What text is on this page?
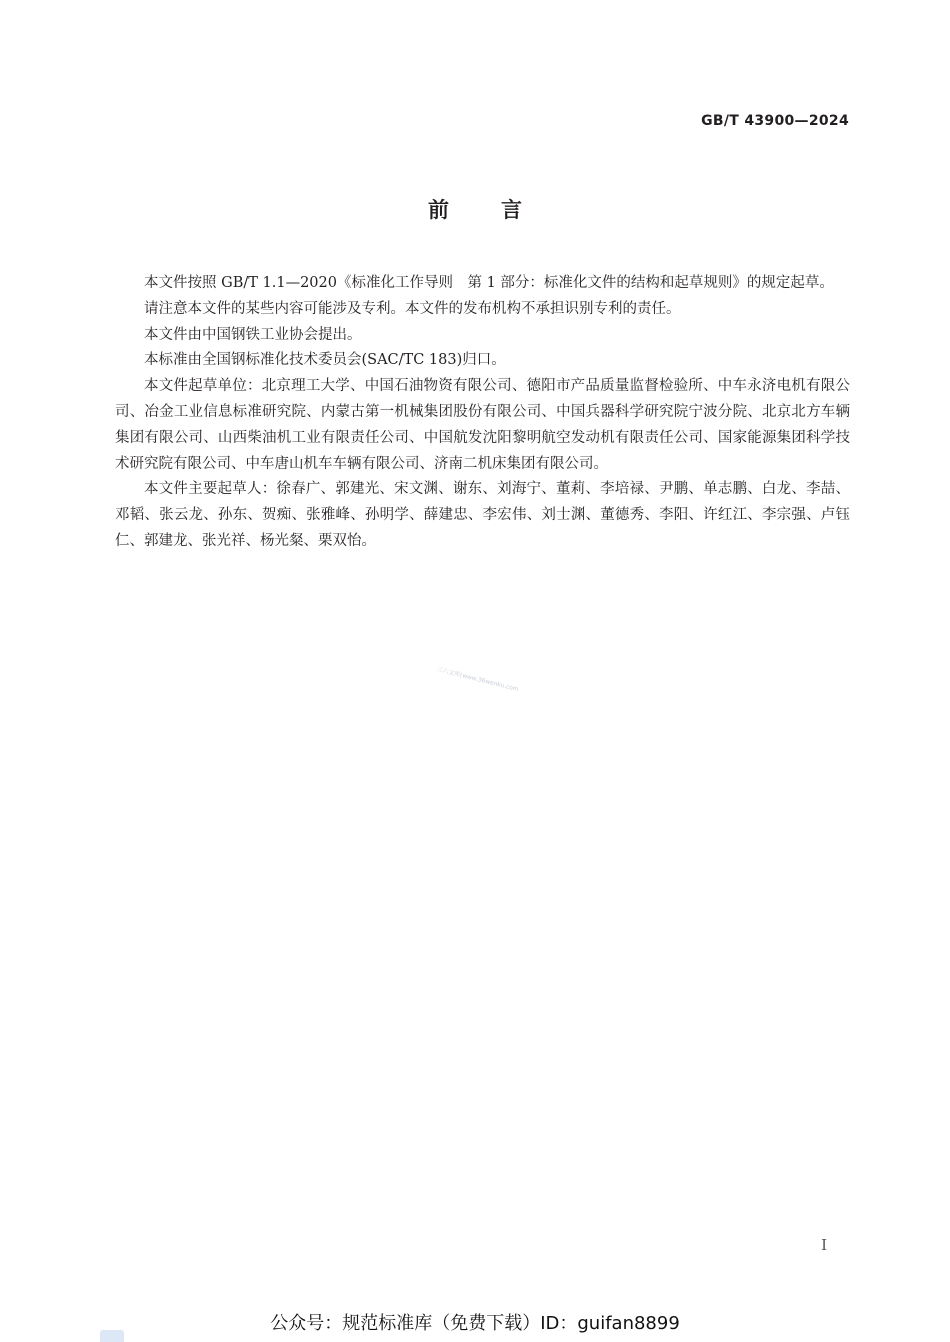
GB/T 43900—2024
前言

本文件按照 GB/T 1.1—2020《标准化工作导则　第 1 部分：标准化文件的结构和起草规则》的规定起草。

请注意本文件的某些内容可能涉及专利。本文件的发布机构不承担识别专利的责任。

本文件由中国钢铁工业协会提出。

本标准由全国钢标准化技术委员会(SAC/TC 183)归口。

本文件起草单位：北京理工大学、中国石油物资有限公司、德阳市产品质量监督检验所、中车永济电机有限公司、冶金工业信息标准研究院、内蒙古第一机械集团股份有限公司、中国兵器科学研究院宁波分院、北京北方车辆集团有限公司、山西柴油机工业有限责任公司、中国航发沈阳黎明航空发动机有限责任公司、国家能源集团科学技术研究院有限公司、中车唐山机车车辆有限公司、济南二机床集团有限公司。

本文件主要起草人：徐春广、郭建光、宋文渊、谢东、刘海宁、董莉、李培禄、尹鹏、单志鹏、白龙、李喆、邓韬、张云龙、孙东、贺痴、张雅峰、孙明学、薛建忠、李宏伟、刘士渊、董德秀、李阳、许红江、李宗强、卢钰仁、郭建龙、张光祥、杨光粲、栗双怡。

三六文库(www.36wenku.com
I
公众号：规范标准库（免费下载）ID：guifan8899
